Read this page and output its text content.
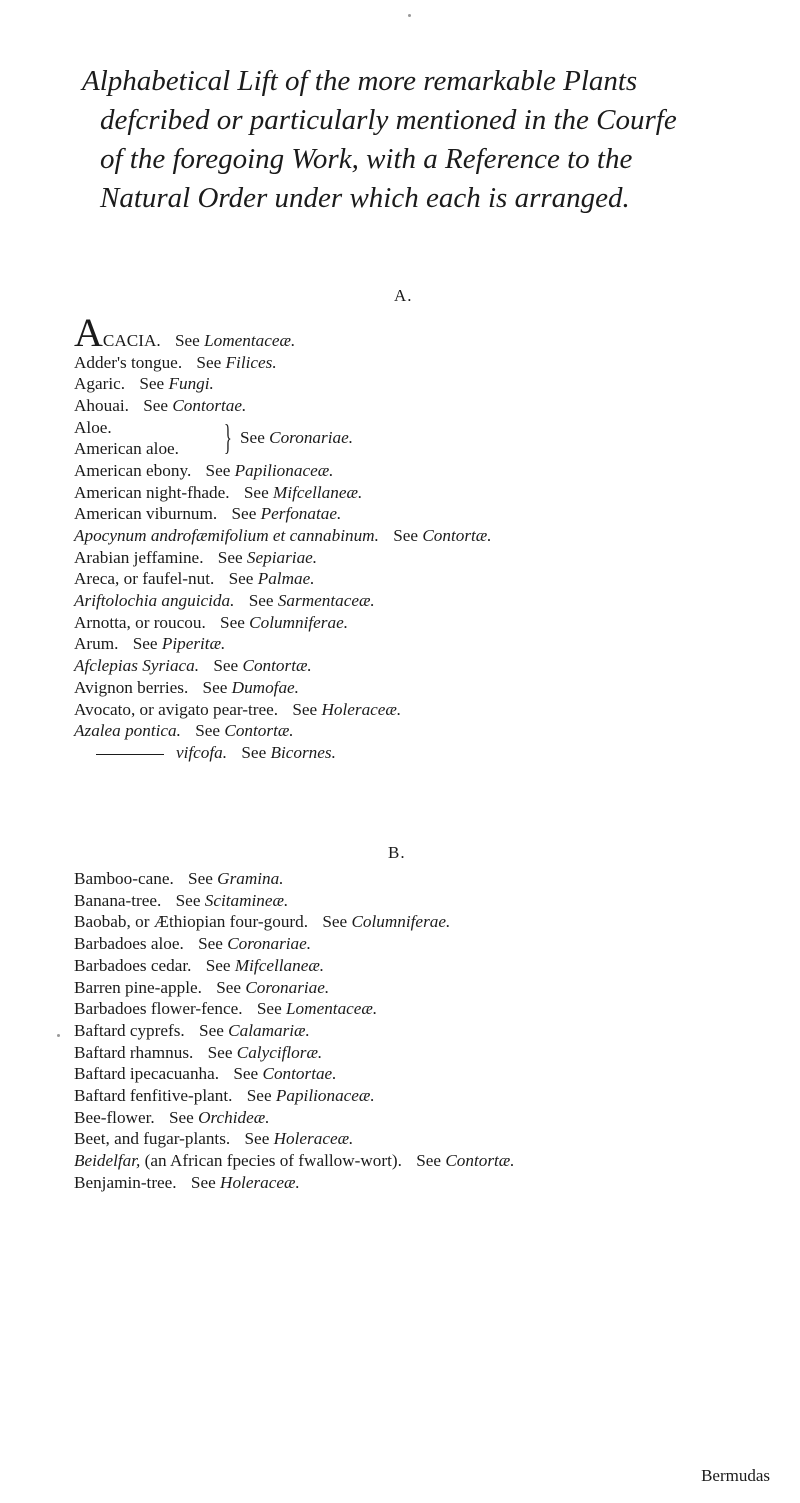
Alphabetical Lift of the more remarkable Plants
defcribed or particularly mentioned in the Courfe
of the foregoing Work, with a Reference to the
Natural Order under which each is arranged.
A.
ACACIA. See Lomentaceæ.
Adder's tongue. See Filices.
Agaric. See Fungi.
Ahouai. See Contortae.
Aloe.
American aloe. } See Coronariae.
American ebony. See Papilionaceæ.
American night-fhade. See Mifcellaneæ.
American viburnum. See Perfonatae.
Apocynum androfæmifolium et cannabinum. See Contortæ.
Arabian jeffamine. See Sepiariae.
Areca, or faufel-nut. See Palmae.
Ariftolochia anguicida. See Sarmentaceæ.
Arnotta, or roucou. See Columniferae.
Arum. See Piperitæ.
Afclepias Syriaca. See Contortæ.
Avignon berries. See Dumofae.
Avocato, or avigato pear-tree. See Holeraceæ.
Azalea pontica. See Contortæ.
vifcofa. See Bicornes.
B.
Bamboo-cane. See Gramina.
Banana-tree. See Scitamineæ.
Baobab, or Æthiopian four-gourd. See Columniferae.
Barbadoes aloe. See Coronariae.
Barbadoes cedar. See Mifcellaneæ.
Barren pine-apple. See Coronariae.
Barbadoes flower-fence. See Lomentaceæ.
Baftard cyprefs. See Calamariæ.
Baftard rhamnus. See Calycifloræ.
Baftard ipecacuanha. See Contortae.
Baftard fenfitive-plant. See Papilionaceæ.
Bee-flower. See Orchideæ.
Beet, and fugar-plants. See Holeraceæ.
Beidelfar, (an African fpecies of fwallow-wort). See Contortæ.
Benjamin-tree. See Holeraceæ.
Bermudas
